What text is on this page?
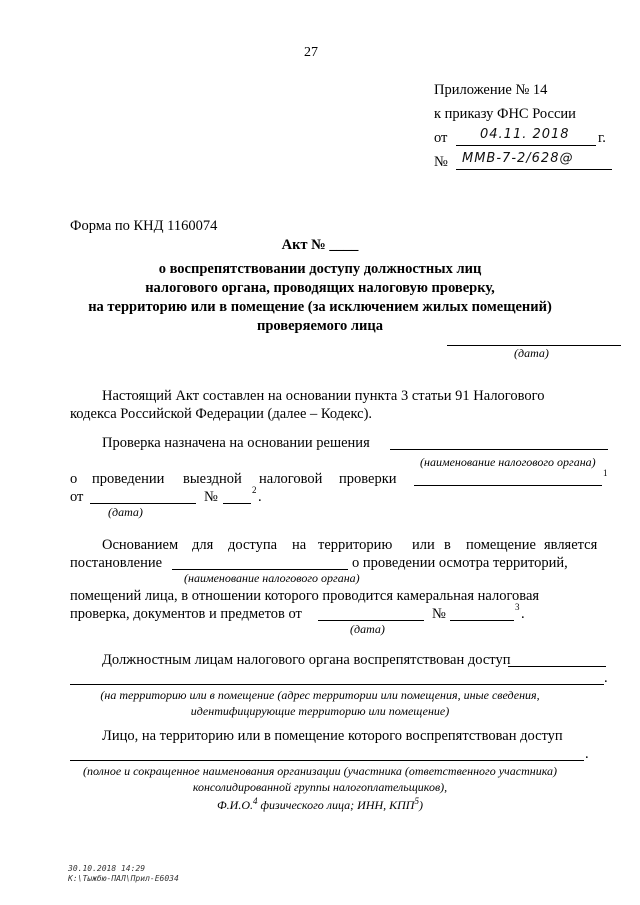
27
Приложение № 14
к приказу ФНС России
от	04.11. 2018 г.
№ ММВ-7-2/628@
Форма по КНД 1160074
Акт № ____
о воспрепятствовании доступу должностных лиц
налогового органа, проводящих налоговую проверку,
на территорию или в помещение (за исключением жилых помещений)
проверяемого лица
(дата)
Настоящий Акт составлен на основании пункта 3 статьи 91 Налогового
кодекса Российской Федерации (далее – Кодекс).
Проверка назначена на основании решения
(наименование налогового органа)
о проведении выездной налоговой проверки	1
от	№	2 .
(дата)
Основанием для доступа на территорию или в помещение является
постановление	о проведении осмотра территорий,
(наименование налогового органа)
помещений лица, в отношении которого проводится камеральная налоговая
проверка, документов и предметов от	№	3 .
(дата)
Должностным лицам налогового органа воспрепятствован доступ
.
(на территорию или в помещение (адрес территории или помещения, иные сведения,
идентифицирующие территорию или помещение)
Лицо, на территорию или в помещение которого воспрепятствован доступ
.
(полное и сокращенное наименования организации (участника (ответственного участника)
консолидированной группы налогоплательщиков),
Ф.И.О.$^4$ физического лица; ИНН, КПП$^5$)
30.10.2018 14:29
К:\Тыжбю-ПАЛ\Прил-Е6034
